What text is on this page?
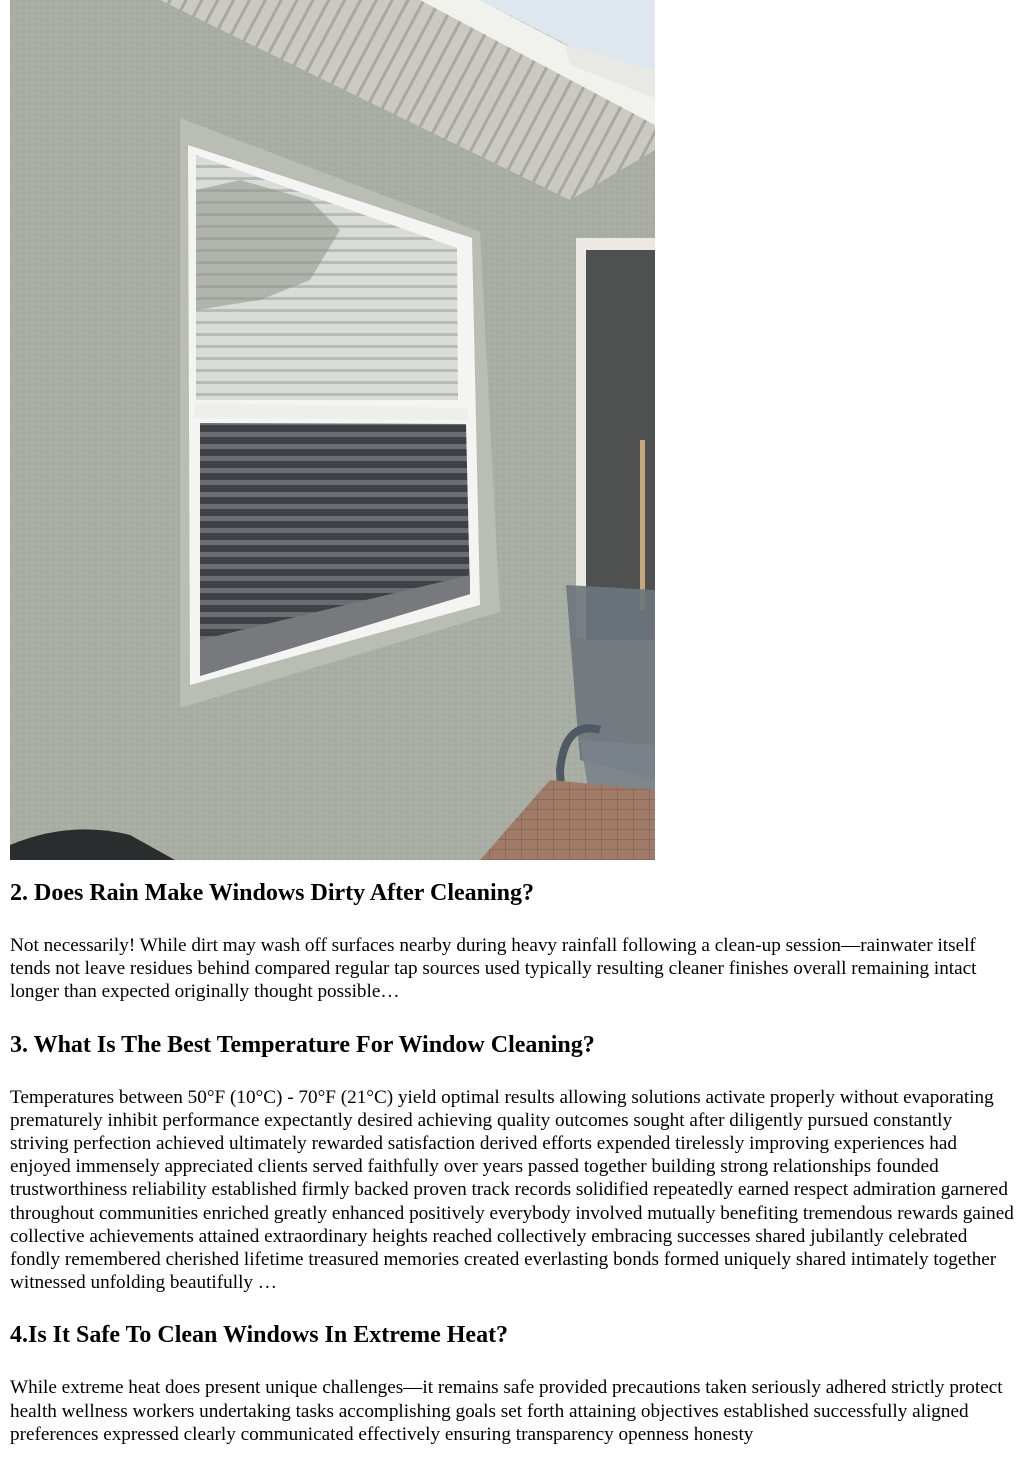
2. Does Rain Make Windows Dirty After Cleaning?

Not necessarily! While dirt may wash off surfaces nearby during heavy rainfall following a clean-up session—rainwater itself tends not leave residues behind compared regular tap sources used typically resulting cleaner finishes overall remaining intact longer than expected originally thought possible…

3. What Is The Best Temperature For Window Cleaning?

Temperatures between 50°F (10°C) - 70°F (21°C) yield optimal results allowing solutions activate properly without evaporating prematurely inhibit performance expectantly desired achieving quality outcomes sought after diligently pursued constantly striving perfection achieved ultimately rewarded satisfaction derived efforts expended tirelessly improving experiences had enjoyed immensely appreciated clients served faithfully over years passed together building strong relationships founded trustworthiness reliability established firmly backed proven track records solidified repeatedly earned respect admiration garnered throughout communities enriched greatly enhanced positively everybody involved mutually benefiting tremendous rewards gained collective achievements attained extraordinary heights reached collectively embracing successes shared jubilantly celebrated fondly remembered cherished lifetime treasured memories created everlasting bonds formed uniquely shared intimately together witnessed unfolding beautifully …

4.Is It Safe To Clean Windows In Extreme Heat?

While extreme heat does present unique challenges—it remains safe provided precautions taken seriously adhered strictly protect health wellness workers undertaking tasks accomplishing goals set forth attaining objectives established successfully aligned preferences expressed clearly communicated effectively ensuring transparency openness honesty
